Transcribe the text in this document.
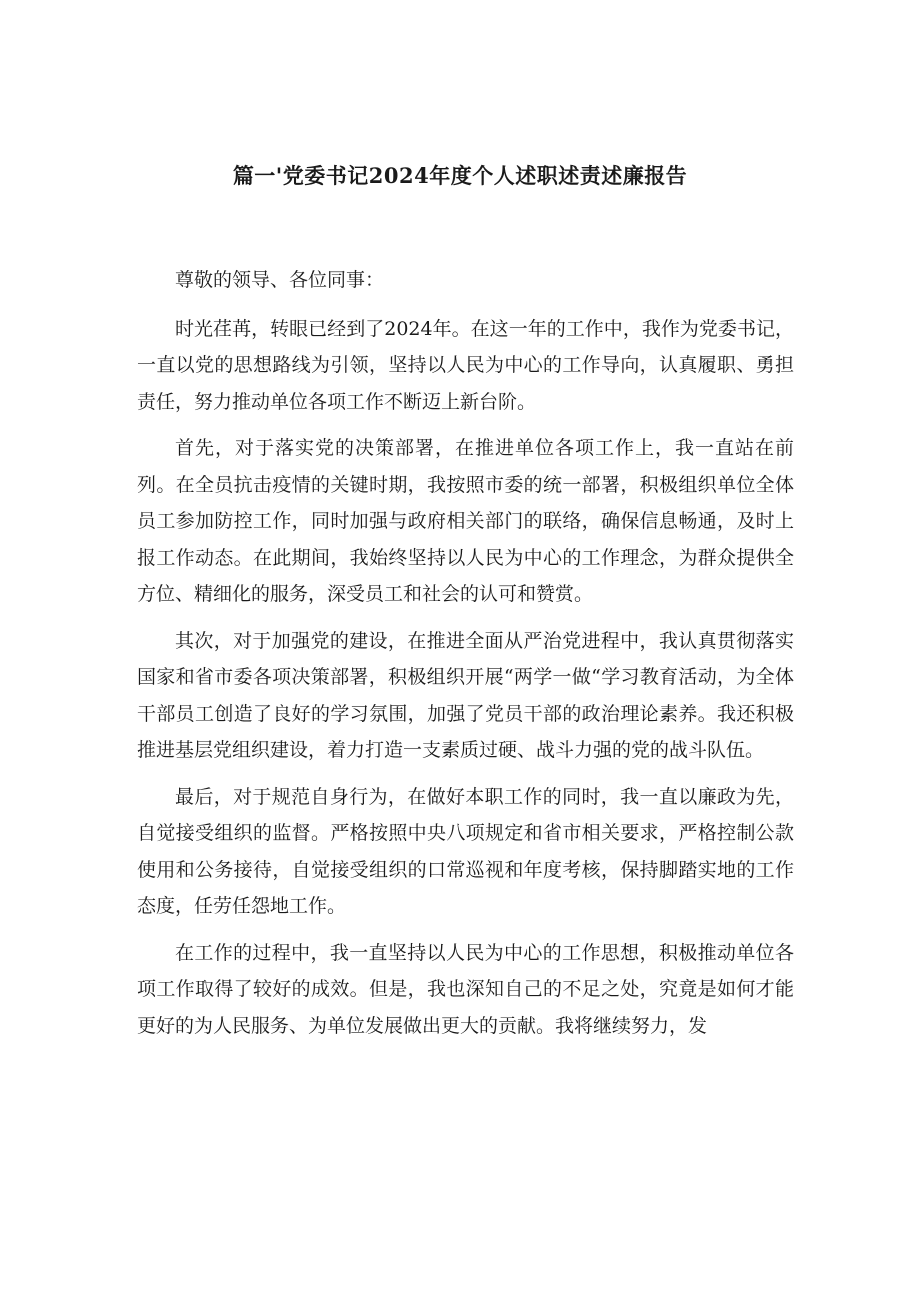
篇一'党委书记2024年度个人述职述责述廉报告

尊敬的领导、各位同事：

时光荏苒，转眼已经到了2024年。在这一年的工作中，我作为党委书记，一直以党的思想路线为引领，坚持以人民为中心的工作导向，认真履职、勇担责任，努力推动单位各项工作不断迈上新台阶。

首先，对于落实党的决策部署，在推进单位各项工作上，我一直站在前列。在全员抗击疫情的关键时期，我按照市委的统一部署，积极组织单位全体员工参加防控工作，同时加强与政府相关部门的联络，确保信息畅通，及时上报工作动态。在此期间，我始终坚持以人民为中心的工作理念，为群众提供全方位、精细化的服务，深受员工和社会的认可和赞赏。

其次，对于加强党的建设，在推进全面从严治党进程中，我认真贯彻落实国家和省市委各项决策部署，积极组织开展“两学一做“学习教育活动，为全体干部员工创造了良好的学习氛围，加强了党员干部的政治理论素养。我还积极推进基层党组织建设，着力打造一支素质过硬、战斗力强的党的战斗队伍。

最后，对于规范自身行为，在做好本职工作的同时，我一直以廉政为先，自觉接受组织的监督。严格按照中央八项规定和省市相关要求，严格控制公款使用和公务接待，自觉接受组织的口常巡视和年度考核，保持脚踏实地的工作态度，任劳任怨地工作。

在工作的过程中，我一直坚持以人民为中心的工作思想，积极推动单位各项工作取得了较好的成效。但是，我也深知自己的不足之处，究竟是如何才能更好的为人民服务、为单位发展做出更大的贡献。我将继续努力，发
